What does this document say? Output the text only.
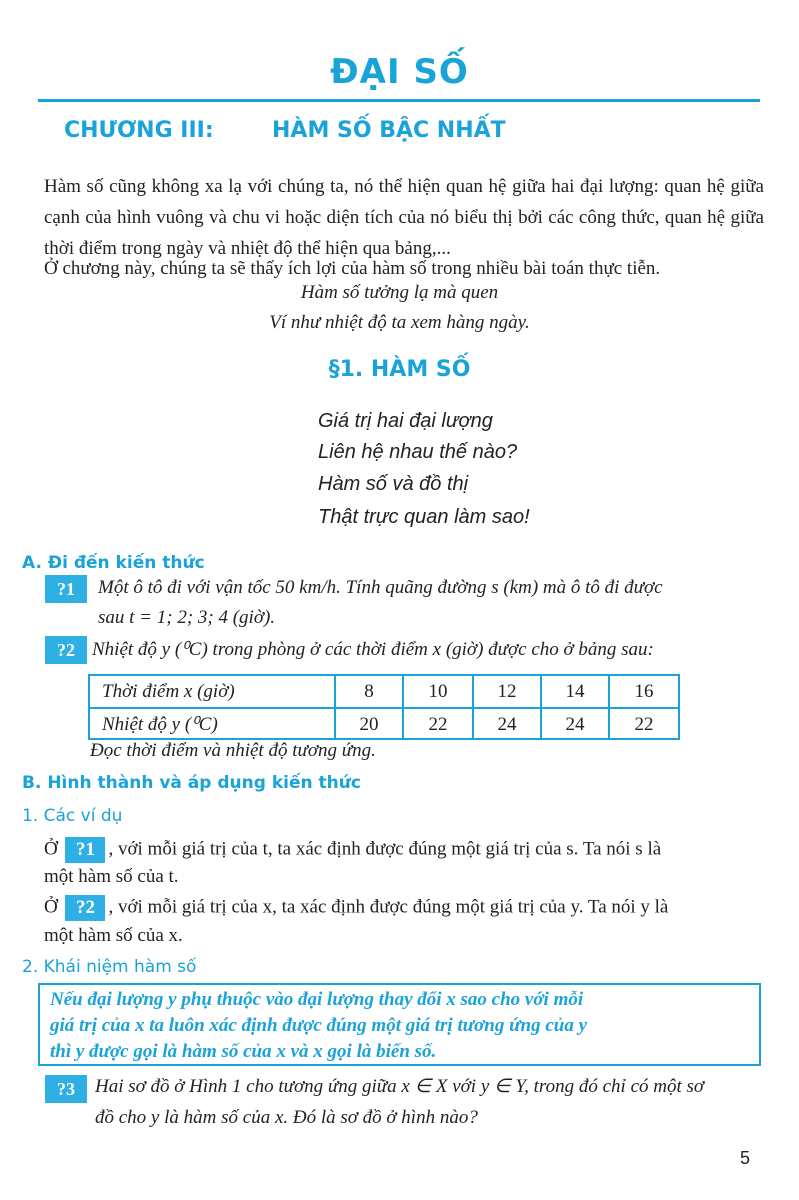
ĐẠI SỐ
CHƯƠNG III:	HÀM SỐ BẬC NHẤT
Hàm số cũng không xa lạ với chúng ta, nó thể hiện quan hệ giữa hai đại lượng: quan hệ giữa cạnh của hình vuông và chu vi hoặc diện tích của nó biểu thị bởi các công thức, quan hệ giữa thời điểm trong ngày và nhiệt độ thể hiện qua bảng,...
Ở chương này, chúng ta sẽ thấy ích lợi của hàm số trong nhiều bài toán thực tiễn.
Hàm số tưởng lạ mà quen
Ví như nhiệt độ ta xem hàng ngày.
§1. HÀM SỐ
Giá trị hai đại lượng
Liên hệ nhau thế nào?
Hàm số và đồ thị
Thật trực quan làm sao!
A. Đi đến kiến thức
?1	Một ô tô đi với vận tốc 50 km/h. Tính quãng đường s (km) mà ô tô đi được
sau t = 1; 2; 3; 4 (giờ).
?2 Nhiệt độ y (⁰C) trong phòng ở các thời điểm x (giờ) được cho ở bảng sau:
Thời điểm x (giờ)	8	10	12	14	16
Nhiệt độ y (⁰C)	20	22	24	24	22
Đọc thời điểm và nhiệt độ tương ứng.
B. Hình thành và áp dụng kiến thức
1. Các ví dụ
Ở ?1 , với mỗi giá trị của t, ta xác định được đúng một giá trị của s. Ta nói s là
một hàm số của t.
Ở ?2 , với mỗi giá trị của x, ta xác định được đúng một giá trị của y. Ta nói y là
một hàm số của x.
2. Khái niệm hàm số
Nếu đại lượng y phụ thuộc vào đại lượng thay đổi x sao cho với mỗi
giá trị của x ta luôn xác định được đúng một giá trị tương ứng của y
thì y được gọi là hàm số của x và x gọi là biến số.
?3	Hai sơ đồ ở Hình 1 cho tương ứng giữa x ∈ X với y ∈ Y, trong đó chỉ có một sơ
đồ cho y là hàm số của x. Đó là sơ đồ ở hình nào?
5
